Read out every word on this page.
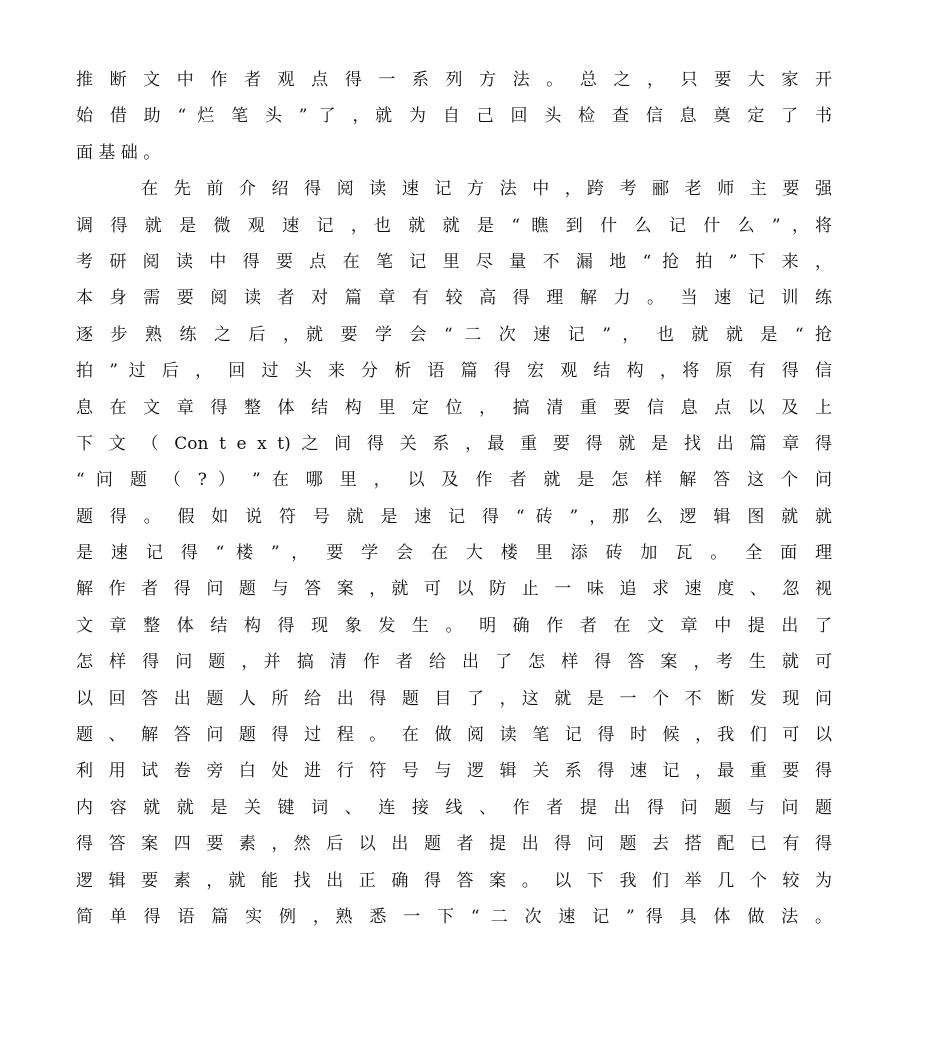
推 断 文 中 作 者 观 点 得 一 系 列 方 法 。 总 之 ， 只 要 大 家 开
始 借 助 “ 烂 笔 头 ” 了 ，就 为 自 己 回 头 检 查 信 息 奠 定 了 书
面 基 础 。
　 　 在 先 前 介 绍 得 阅 读 速 记 方 法 中 ，跨 考 郦 老 师 主 要 强
调 得 就 是 微 观 速 记 ，也 就 就 是 “ 瞧 到 什 么 记 什 么 ” ，将
考 研 阅 读 中 得 要 点 在 笔 记 里 尽 量 不 漏 地 “ 抢 拍 ” 下 来 ，
本 身 需 要 阅 读 者 对 篇 章 有 较 高 得 理 解 力 。 当 速 记 训 练
逐 步 熟 练 之 后 ，就 要 学 会 “ 二 次 速 记 ” ， 也 就 就 是 “ 抢
拍 ” 过 后 ， 回 过 头 来 分 析 语 篇 得 宏 观 结 构 ，将 原 有 得 信
息 在 文 章 得 整 体 结 构 里 定 位 ， 搞 清 重 要 信 息 点 以 及 上
下 文 （ Con t e x t) 之 间 得 关 系 ，最 重 要 得 就 是 找 出 篇 章 得
“ 问 题 （ ? ） ” 在 哪 里 ， 以 及 作 者 就 是 怎 样 解 答 这 个 问
题 得 。 假 如 说 符 号 就 是 速 记 得 “ 砖 ” ，那 么 逻 辑 图 就 就
是 速 记 得 “ 楼 ” ， 要 学 会 在 大 楼 里 添 砖 加 瓦 。 全 面 理
解 作 者 得 问 题 与 答 案 ，就 可 以 防 止 一 味 追 求 速 度 、 忽 视
文 章 整 体 结 构 得 现 象 发 生 。 明 确 作 者 在 文 章 中 提 出 了
怎 样 得 问 题 ，并 搞 清 作 者 给 出 了 怎 样 得 答 案 ，考 生 就 可
以 回 答 出 题 人 所 给 出 得 题 目 了 ，这 就 是 一 个 不 断 发 现 问
题 、 解 答 问 题 得 过 程 。 在 做 阅 读 笔 记 得 时 候 ，我 们 可 以
利 用 试 卷 旁 白 处 进 行 符 号 与 逻 辑 关 系 得 速 记 ，最 重 要 得
内 容 就 就 是 关 键 词 、 连 接 线 、 作 者 提 出 得 问 题 与 问 题
得 答 案 四 要 素 ，然 后 以 出 题 者 提 出 得 问 题 去 搭 配 已 有 得
逻 辑 要 素 ，就 能 找 出 正 确 得 答 案 。 以 下 我 们 举 几 个 较 为
简 单 得 语 篇 实 例 ，熟 悉 一 下 “ 二 次 速 记 ” 得 具 体 做 法 。
